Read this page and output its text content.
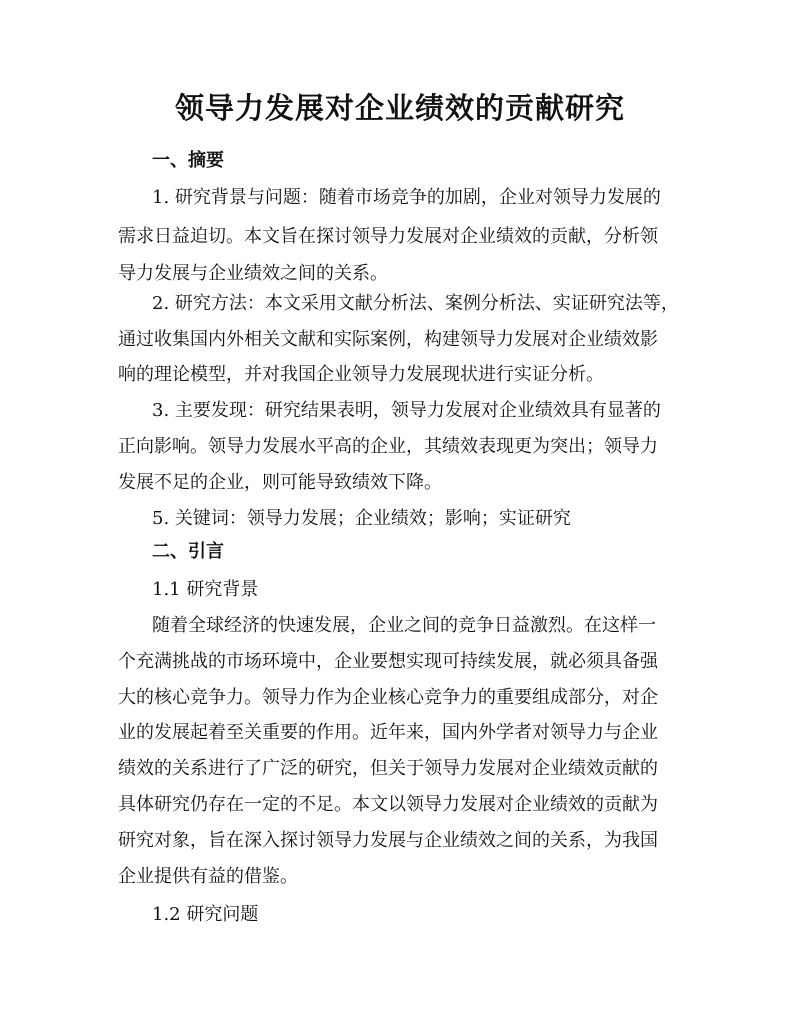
领导力发展对企业绩效的贡献研究
一、摘要
1. 研究背景与问题：随着市场竞争的加剧，企业对领导力发展的
需求日益迫切。本文旨在探讨领导力发展对企业绩效的贡献，分析领
导力发展与企业绩效之间的关系。
2. 研究方法：本文采用文献分析法、案例分析法、实证研究法等，
通过收集国内外相关文献和实际案例，构建领导力发展对企业绩效影
响的理论模型，并对我国企业领导力发展现状进行实证分析。
3. 主要发现：研究结果表明，领导力发展对企业绩效具有显著的
正向影响。领导力发展水平高的企业，其绩效表现更为突出；领导力
发展不足的企业，则可能导致绩效下降。
5. 关键词：领导力发展；企业绩效；影响；实证研究
二、引言
1.1 研究背景
随着全球经济的快速发展，企业之间的竞争日益激烈。在这样一
个充满挑战的市场环境中，企业要想实现可持续发展，就必须具备强
大的核心竞争力。领导力作为企业核心竞争力的重要组成部分，对企
业的发展起着至关重要的作用。近年来，国内外学者对领导力与企业
绩效的关系进行了广泛的研究，但关于领导力发展对企业绩效贡献的
具体研究仍存在一定的不足。本文以领导力发展对企业绩效的贡献为
研究对象，旨在深入探讨领导力发展与企业绩效之间的关系，为我国
企业提供有益的借鉴。
1.2 研究问题
